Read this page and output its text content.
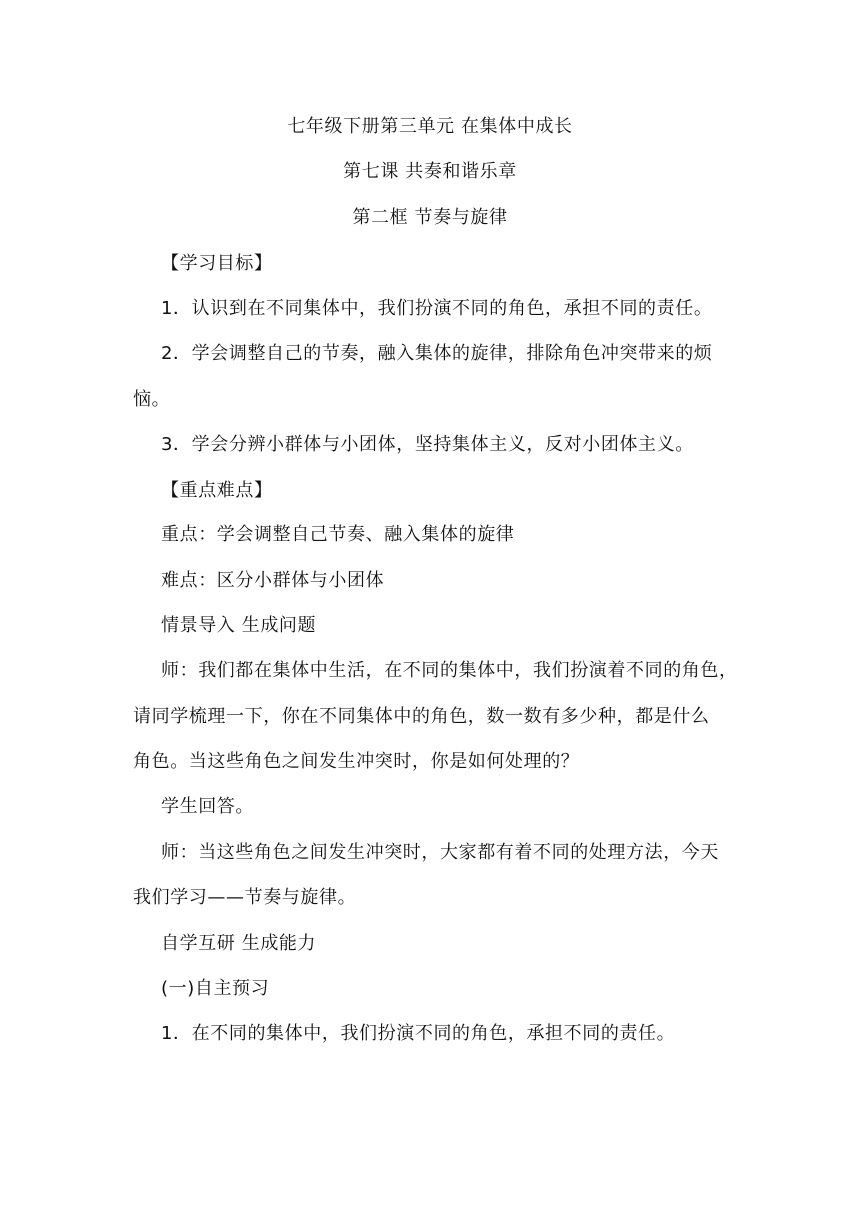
七年级下册第三单元 在集体中成长
第七课 共奏和谐乐章
第二框 节奏与旋律
【学习目标】
1．认识到在不同集体中，我们扮演不同的角色，承担不同的责任。
2．学会调整自己的节奏，融入集体的旋律，排除角色冲突带来的烦
恼。
3．学会分辨小群体与小团体，坚持集体主义，反对小团体主义。
【重点难点】
重点：学会调整自己节奏、融入集体的旋律
难点：区分小群体与小团体
情景导入 生成问题
师：我们都在集体中生活，在不同的集体中，我们扮演着不同的角色，
请同学梳理一下，你在不同集体中的角色，数一数有多少种，都是什么
角色。当这些角色之间发生冲突时，你是如何处理的？
学生回答。
师：当这些角色之间发生冲突时，大家都有着不同的处理方法，今天
我们学习——节奏与旋律。
自学互研 生成能力
(一)自主预习
1．在不同的集体中，我们扮演不同的角色，承担不同的责任。
